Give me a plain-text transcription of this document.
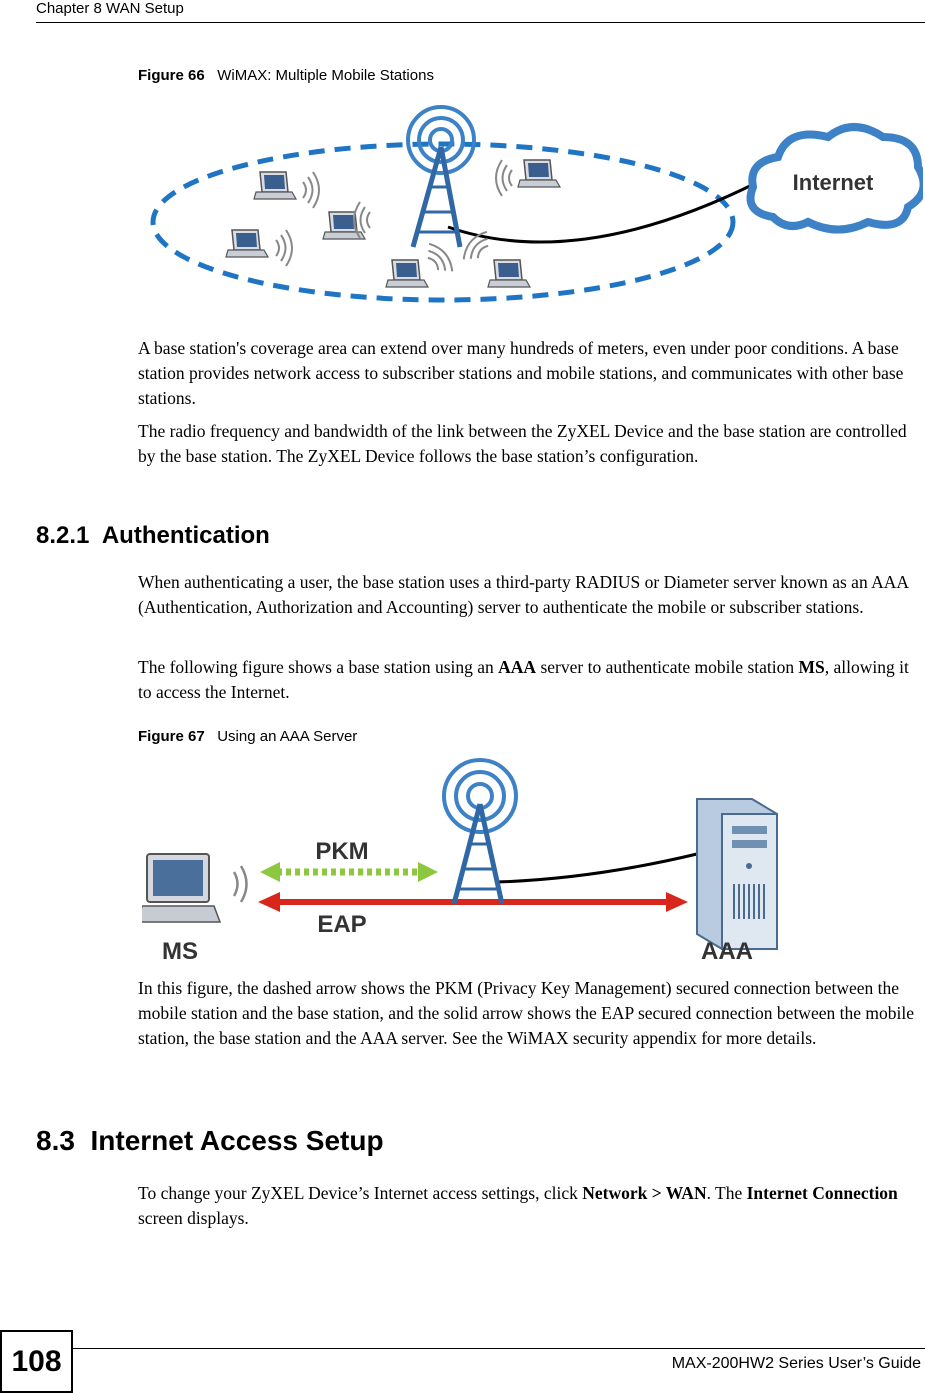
Chapter 8 WAN Setup
Figure 66 WiMAX: Multiple Mobile Stations
Internet
A base station's coverage area can extend over many hundreds of meters, even under poor conditions. A base station provides network access to subscriber stations and mobile stations, and communicates with other base stations.
The radio frequency and bandwidth of the link between the ZyXEL Device and the base station are controlled by the base station. The ZyXEL Device follows the base station’s configuration.
8.2.1 Authentication
When authenticating a user, the base station uses a third-party RADIUS or Diameter server known as an AAA (Authentication, Authorization and Accounting) server to authenticate the mobile or subscriber stations.
The following figure shows a base station using an AAA server to authenticate mobile station MS, allowing it to access the Internet.
Figure 67 Using an AAA Server
PKM
EAP
MS	AAA
In this figure, the dashed arrow shows the PKM (Privacy Key Management) secured connection between the mobile station and the base station, and the solid arrow shows the EAP secured connection between the mobile station, the base station and the AAA server. See the WiMAX security appendix for more details.
8.3 Internet Access Setup
To change your ZyXEL Device’s Internet access settings, click Network > WAN. The Internet Connection screen displays.
108	MAX-200HW2 Series User’s Guide
